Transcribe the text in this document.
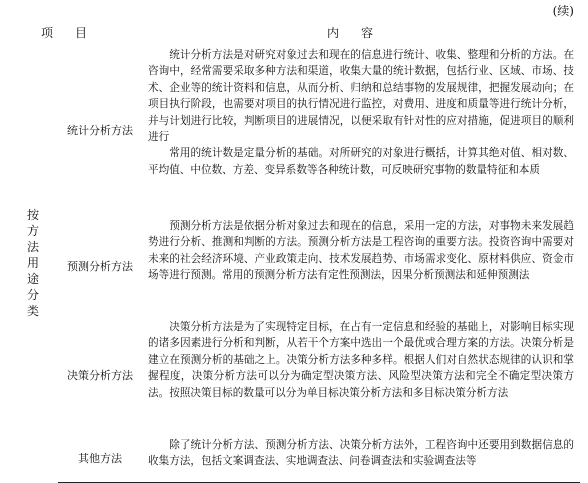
(续)
项目		内容
按方法用途分类	统计分析方法	统计分析方法是对研究对象过去和现在的信息进行统计、收集、整理和分析的方法。在咨询中，经常需要采取多种方法和渠道，收集大量的统计数据，包括行业、区域、市场、技术、企业等的统计资料和信息，从而分析、归纳和总结事物的发展规律，把握发展动向；在项目执行阶段，也需要对项目的执行情况进行监控，对费用、进度和质量等进行统计分析，并与计划进行比较，判断项目的进展情况，以便采取有针对性的应对措施，促进项目的顺利进行

常用的统计数是定量分析的基础。对所研究的对象进行概括，计算其绝对值、相对数、平均值、中位数、方差、变异系数等各种统计数，可反映研究事物的数量特征和本质

	预测分析方法	预测分析方法是依据分析对象过去和现在的信息，采用一定的方法，对事物未来发展趋势进行分析、推测和判断的方法。预测分析方法是工程咨询的重要方法。投资咨询中需要对未来的社会经济环境、产业政策走向、技术发展趋势、市场需求变化、原材料供应、资金市场等进行预测。常用的预测分析方法有定性预测法，因果分析预测法和延伸预测法

	决策分析方法	决策分析方法是为了实现特定目标，在占有一定信息和经验的基础上，对影响目标实现的诸多因素进行分析和判断，从若干个方案中选出一个最优或合理方案的方法。决策分析是建立在预测分析的基础之上。决策分析方法多种多样。根据人们对自然状态规律的认识和掌握程度，决策分析方法可以分为确定型决策方法、风险型决策方法和完全不确定型决策方法。按照决策目标的数量可以分为单目标决策分析方法和多目标决策分析方法

	其他方法	除了统计分析方法、预测分析方法、决策分析方法外，工程咨询中还要用到数据信息的收集方法，包括文案调查法、实地调查法、问卷调查法和实验调查法等
